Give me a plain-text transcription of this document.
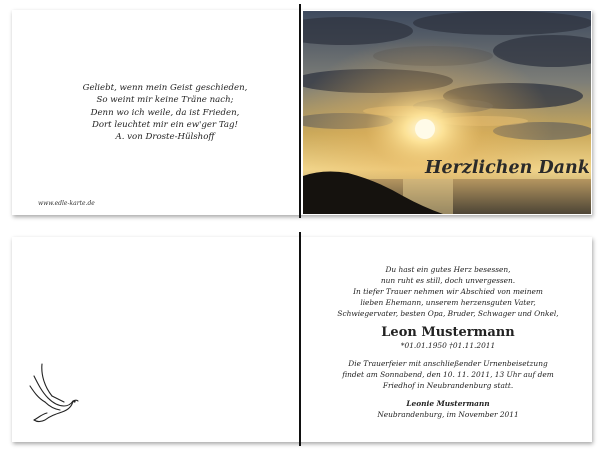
Geliebt, wenn mein Geist geschieden,
So weint mir keine Träne nach;
Denn wo ich weile, da ist Frieden,
Dort leuchtet mir ein ew'ger Tag!
A. von Droste-Hülshoff
www.edle-karte.de
Herzlichen Dank
Du hast ein gutes Herz besessen,
nun ruht es still, doch unvergessen.
In tiefer Trauer nehmen wir Abschied von meinem
lieben Ehemann, unserem herzensguten Vater,
Schwiegervater, besten Opa, Bruder, Schwager und Onkel,
Leon Mustermann
*01.01.1950 †01.11.2011
Die Trauerfeier mit anschließender Urnenbeisetzung
findet am Sonnabend, den 10. 11. 2011, 13 Uhr auf dem
Friedhof in Neubrandenburg statt.
Leonie Mustermann
Neubrandenburg, im November 2011
